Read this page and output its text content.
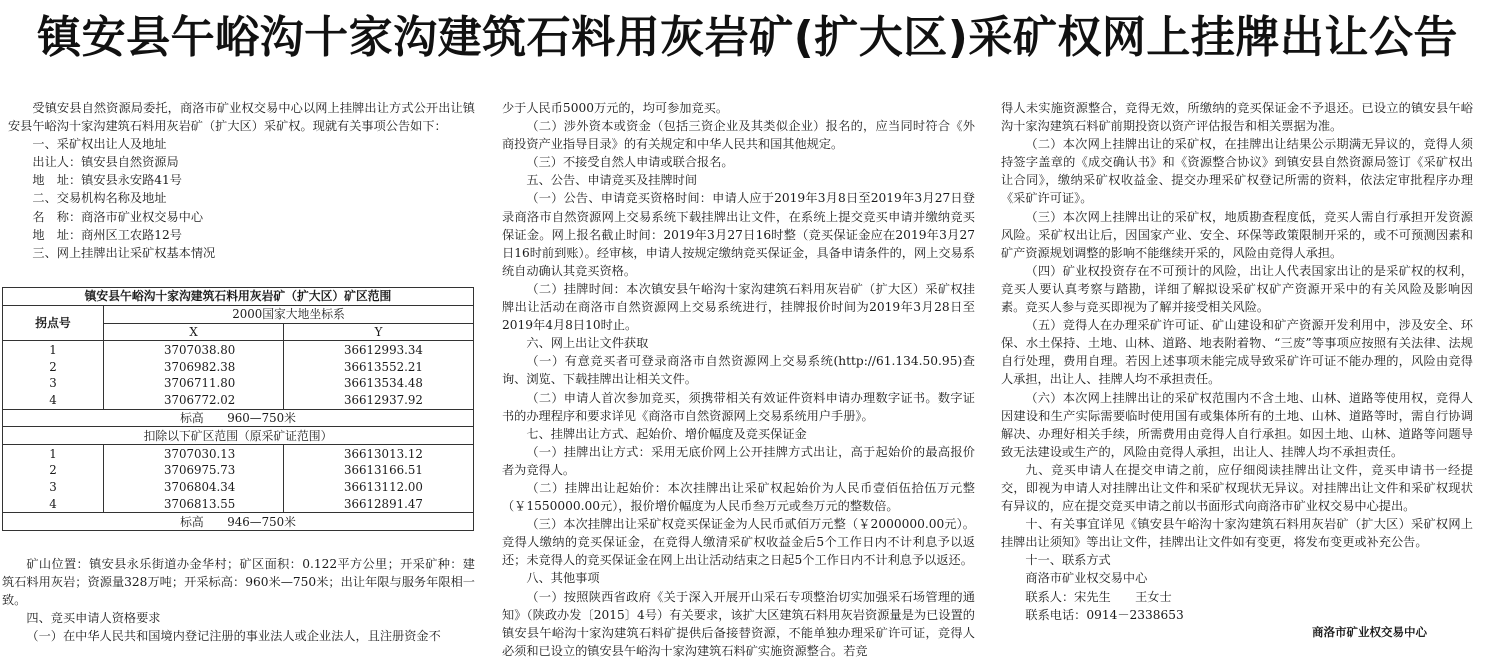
镇安县午峪沟十家沟建筑石料用灰岩矿(扩大区)采矿权网上挂牌出让公告

受镇安县自然资源局委托，商洛市矿业权交易中心以网上挂牌出让方式公开出让镇安县午峪沟十家沟建筑石料用灰岩矿（扩大区）采矿权。现就有关事项公告如下：

一、采矿权出让人及地址

出让人：镇安县自然资源局

地　址：镇安县永安路41号

二、交易机构名称及地址

名　称：商洛市矿业权交易中心

地　址：商州区工农路12号

三、网上挂牌出让采矿权基本情况

镇安县午峪沟十家沟建筑石料用灰岩矿（扩大区）矿区范围		
拐点号	2000国家大地坐标系	
	X	Y
1	3707038.80	36612993.34
2	3706982.38	36613552.21
3	3706711.80	36613534.48
4	3706772.02	36612937.92
标高　　960—750米		
扣除以下矿区范围（原采矿证范围）		
1	3707030.13	36613013.12
2	3706975.73	36613166.51
3	3706804.34	36613112.00
4	3706813.55	36612891.47
标高　　946—750米		

矿山位置：镇安县永乐街道办金华村；矿区面积：0.122平方公里；开采矿种：建筑石料用灰岩；资源量328万吨；开采标高：960米—750米；出让年限与服务年限相一致。

四、竞买申请人资格要求

（一）在中华人民共和国境内登记注册的事业法人或企业法人，且注册资金不

少于人民币5000万元的，均可参加竞买。

（二）涉外资本或资金（包括三资企业及其类似企业）报名的，应当同时符合《外商投资产业指导目录》的有关规定和中华人民共和国其他规定。

（三）不接受自然人申请或联合报名。

五、公告、申请竞买及挂牌时间

（一）公告、申请竞买资格时间：申请人应于2019年3月8日至2019年3月27日登录商洛市自然资源网上交易系统下载挂牌出让文件，在系统上提交竞买申请并缴纳竞买保证金。网上报名截止时间：2019年3月27日16时整（竞买保证金应在2019年3月27日16时前到账）。经审核，申请人按规定缴纳竞买保证金，具备申请条件的，网上交易系统自动确认其竞买资格。

（二）挂牌时间：本次镇安县午峪沟十家沟建筑石料用灰岩矿（扩大区）采矿权挂牌出让活动在商洛市自然资源网上交易系统进行，挂牌报价时间为2019年3月28日至2019年4月8日10时止。

六、网上出让文件获取

（一）有意竞买者可登录商洛市自然资源网上交易系统(http://61.134.50.95)查询、浏览、下载挂牌出让相关文件。

（二）申请人首次参加竞买，须携带相关有效证件资料申请办理数字证书。数字证书的办理程序和要求详见《商洛市自然资源网上交易系统用户手册》。

七、挂牌出让方式、起始价、增价幅度及竞买保证金

（一）挂牌出让方式：采用无底价网上公开挂牌方式出让，高于起始价的最高报价者为竞得人。

（二）挂牌出让起始价：本次挂牌出让采矿权起始价为人民币壹佰伍拾伍万元整（￥1550000.00元），报价增价幅度为人民币叁万元或叁万元的整数倍。

（三）本次挂牌出让采矿权竞买保证金为人民币贰佰万元整（￥2000000.00元）。竞得人缴纳的竞买保证金，在竞得人缴清采矿权收益金后5个工作日内不计利息予以返还；未竞得人的竞买保证金在网上出让活动结束之日起5个工作日内不计利息予以返还。

八、其他事项

（一）按照陕西省政府《关于深入开展开山采石专项整治切实加强采石场管理的通知》（陕政办发〔2015〕4号）有关要求，该扩大区建筑石料用灰岩资源量是为已设置的镇安县午峪沟十家沟建筑石料矿提供后备接替资源，不能单独办理采矿许可证，竞得人必须和已设立的镇安县午峪沟十家沟建筑石料矿实施资源整合。若竞

得人未实施资源整合，竞得无效，所缴纳的竞买保证金不予退还。已设立的镇安县午峪沟十家沟建筑石料矿前期投资以资产评估报告和相关票据为准。

（二）本次网上挂牌出让的采矿权，在挂牌出让结果公示期满无异议的，竞得人须持签字盖章的《成交确认书》和《资源整合协议》到镇安县自然资源局签订《采矿权出让合同》，缴纳采矿权收益金、提交办理采矿权登记所需的资料，依法定审批程序办理《采矿许可证》。

（三）本次网上挂牌出让的采矿权，地质勘查程度低，竞买人需自行承担开发资源风险。采矿权出让后，因国家产业、安全、环保等政策限制开采的，或不可预测因素和矿产资源规划调整的影响不能继续开采的，风险由竞得人承担。

（四）矿业权投资存在不可预计的风险，出让人代表国家出让的是采矿权的权利，竞买人要认真考察与踏勘，详细了解拟设采矿权矿产资源开采中的有关风险及影响因素。竞买人参与竞买即视为了解并接受相关风险。

（五）竞得人在办理采矿许可证、矿山建设和矿产资源开发利用中，涉及安全、环保、水土保持、土地、山林、道路、地表附着物、“三废”等事项应按照有关法律、法规自行处理，费用自理。若因上述事项未能完成导致采矿许可证不能办理的，风险由竞得人承担，出让人、挂牌人均不承担责任。

（六）本次网上挂牌出让的采矿权范围内不含土地、山林、道路等使用权，竞得人因建设和生产实际需要临时使用国有或集体所有的土地、山林、道路等时，需自行协调解决、办理好相关手续，所需费用由竞得人自行承担。如因土地、山林、道路等问题导致无法建设或生产的，风险由竞得人承担，出让人、挂牌人均不承担责任。

九、竞买申请人在提交申请之前，应仔细阅读挂牌出让文件，竞买申请书一经提交，即视为申请人对挂牌出让文件和采矿权现状无异议。对挂牌出让文件和采矿权现状有异议的，应在提交竞买申请之前以书面形式向商洛市矿业权交易中心提出。

十、有关事宜详见《镇安县午峪沟十家沟建筑石料用灰岩矿（扩大区）采矿权网上挂牌出让须知》等出让文件，挂牌出让文件如有变更，将发布变更或补充公告。

十一、联系方式

商洛市矿业权交易中心

联系人：宋先生　　王女士

联系电话：0914－2338653

商洛市矿业权交易中心
